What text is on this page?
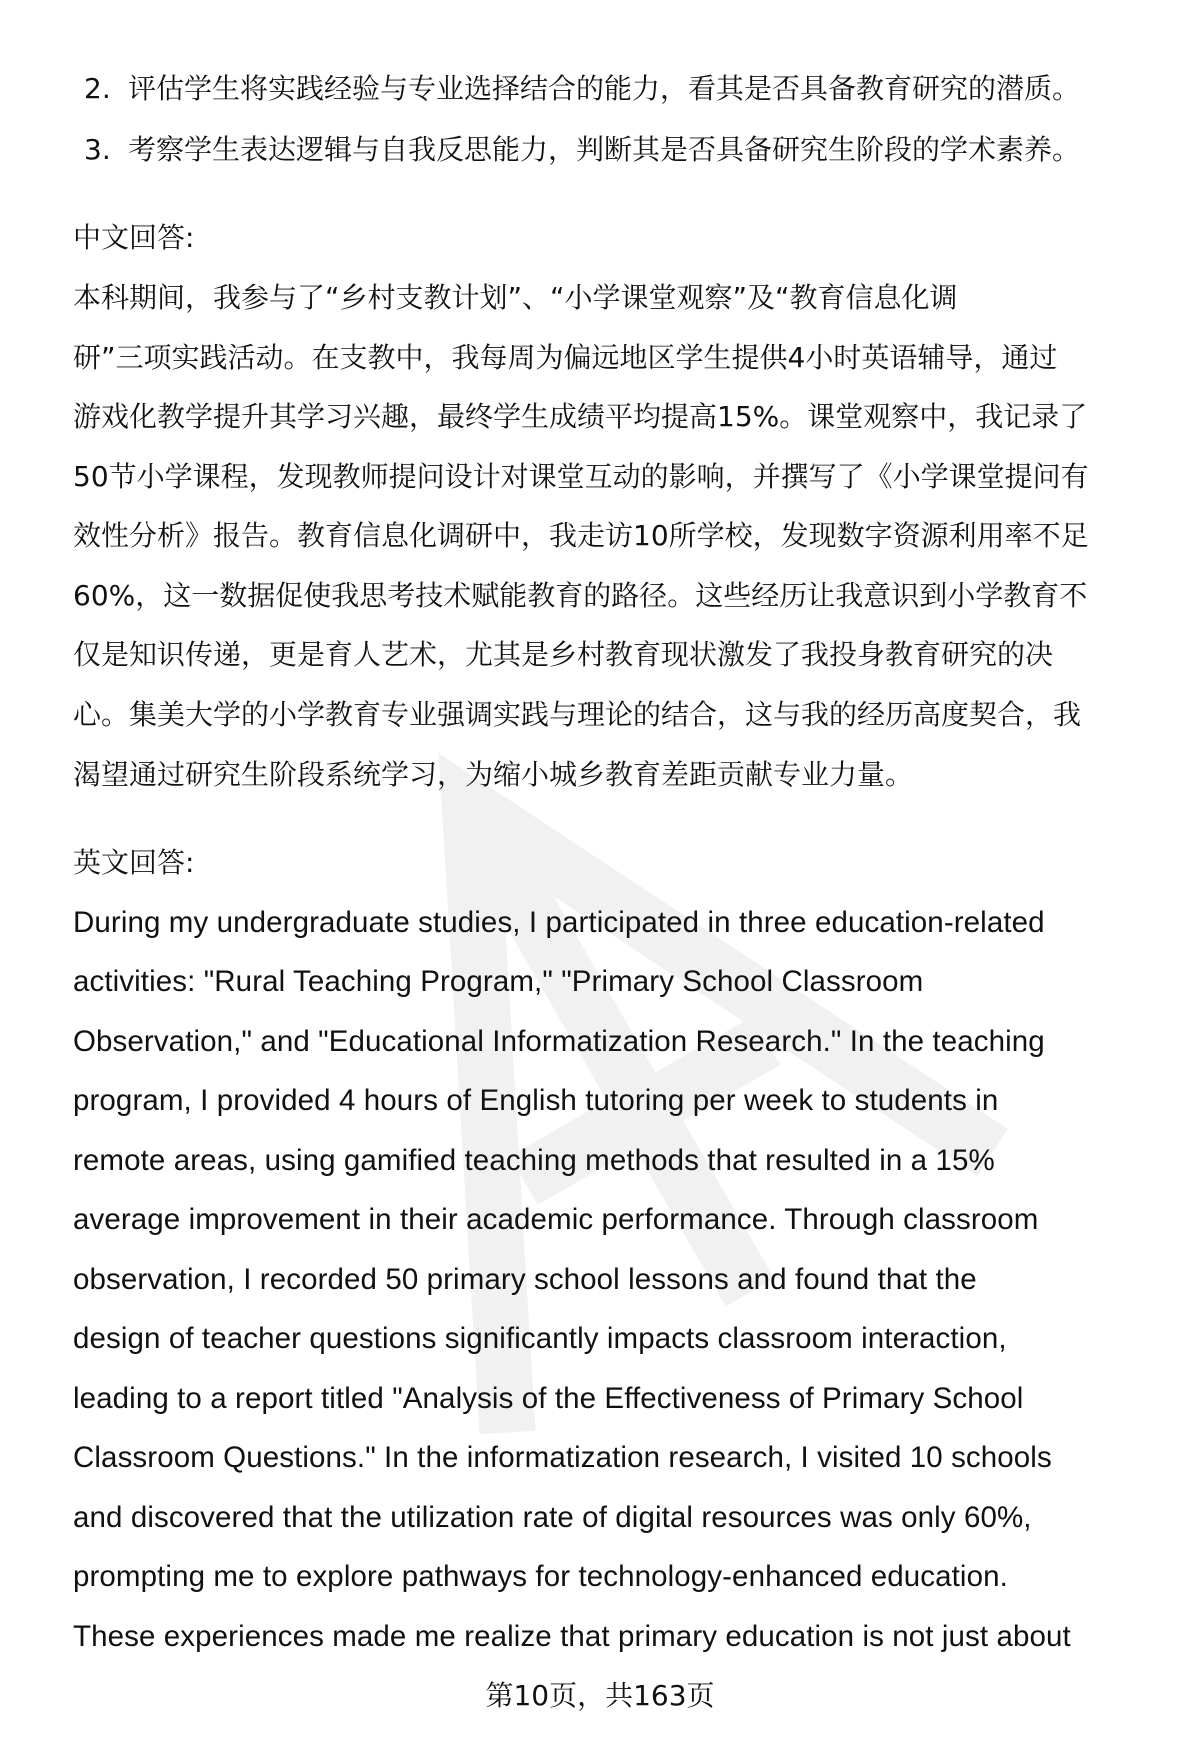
2. 评估学生将实践经验与专业选择结合的能力，看其是否具备教育研究的潜质。
3. 考察学生表达逻辑与自我反思能力，判断其是否具备研究生阶段的学术素养。
中文回答:
本科期间，我参与了“乡村支教计划”、“小学课堂观察”及“教育信息化调
研”三项实践活动。在支教中，我每周为偏远地区学生提供4小时英语辅导，通过
游戏化教学提升其学习兴趣，最终学生成绩平均提高15%。课堂观察中，我记录了
50节小学课程，发现教师提问设计对课堂互动的影响，并撰写了《小学课堂提问有
效性分析》报告。教育信息化调研中，我走访10所学校，发现数字资源利用率不足
60%，这一数据促使我思考技术赋能教育的路径。这些经历让我意识到小学教育不
仅是知识传递，更是育人艺术，尤其是乡村教育现状激发了我投身教育研究的决
心。集美大学的小学教育专业强调实践与理论的结合，这与我的经历高度契合，我
渴望通过研究生阶段系统学习，为缩小城乡教育差距贡献专业力量。
英文回答:
During my undergraduate studies, I participated in three education-related
activities: "Rural Teaching Program," "Primary School Classroom
Observation," and "Educational Informatization Research." In the teaching
program, I provided 4 hours of English tutoring per week to students in
remote areas, using gamified teaching methods that resulted in a 15%
average improvement in their academic performance. Through classroom
observation, I recorded 50 primary school lessons and found that the
design of teacher questions significantly impacts classroom interaction,
leading to a report titled "Analysis of the Effectiveness of Primary School
Classroom Questions." In the informatization research, I visited 10 schools
and discovered that the utilization rate of digital resources was only 60%,
prompting me to explore pathways for technology-enhanced education.
These experiences made me realize that primary education is not just about
第10页，共163页
